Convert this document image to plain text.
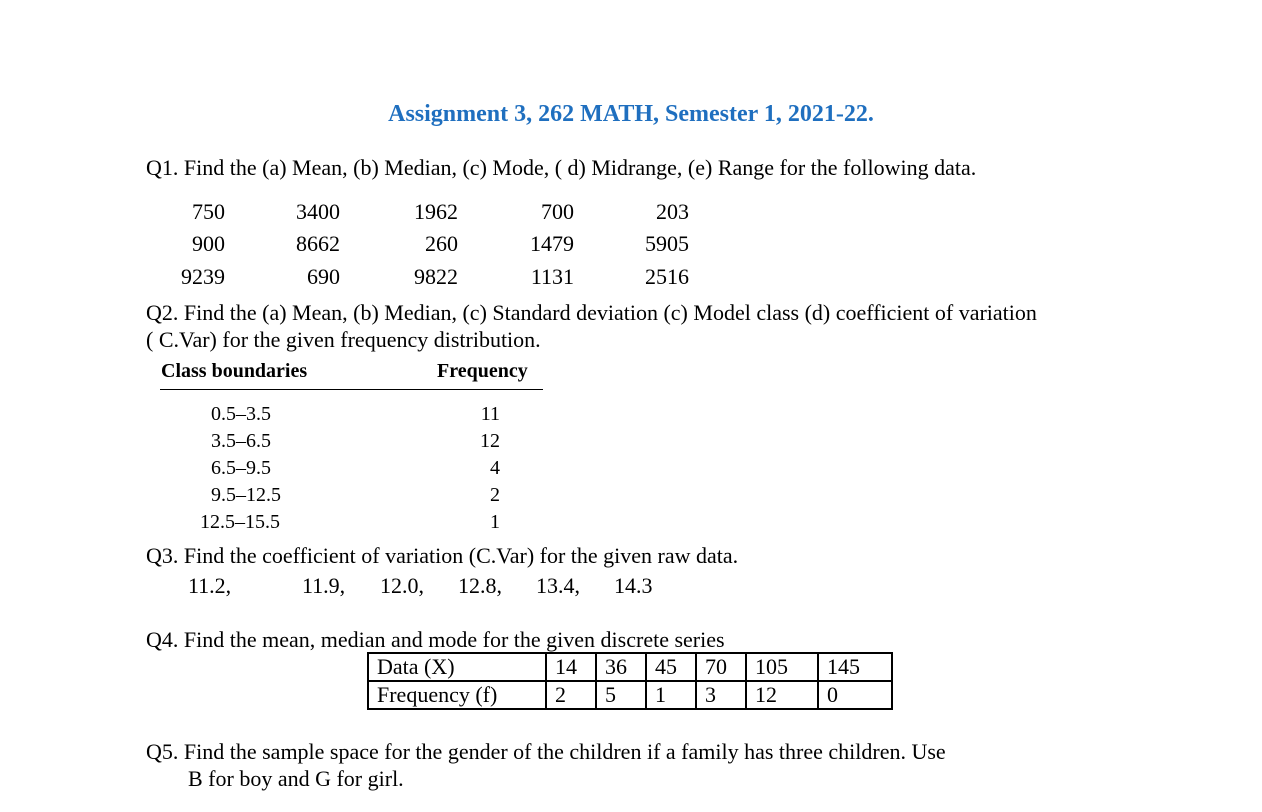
Assignment 3, 262 MATH, Semester 1, 2021-22.
Q1. Find the (a) Mean, (b) Median, (c) Mode, ( d) Midrange, (e) Range for the following data.
750	3400	1962	700	203
900	8662	260	1479	5905
9239	690	9822	1131	2516
Q2. Find the (a) Mean, (b) Median, (c) Standard deviation (c) Model class (d) coefficient of variation
( C.Var) for the given frequency distribution.
Class boundaries	Frequency
0.5–3.5	11
3.5–6.5	12
6.5–9.5	4
9.5–12.5	2
12.5–15.5	1
Q3. Find the coefficient of variation (C.Var) for the given raw data.
11.2,	11.9, 12.0, 12.8, 13.4, 14.3
Q4. Find the mean, median and mode for the given discrete series
Data (X)	14	36	45	70	105	145
Frequency (f)	2	5	1	3	12	0
Q5. Find the sample space for the gender of the children if a family has three children. Use
B for boy and G for girl.
